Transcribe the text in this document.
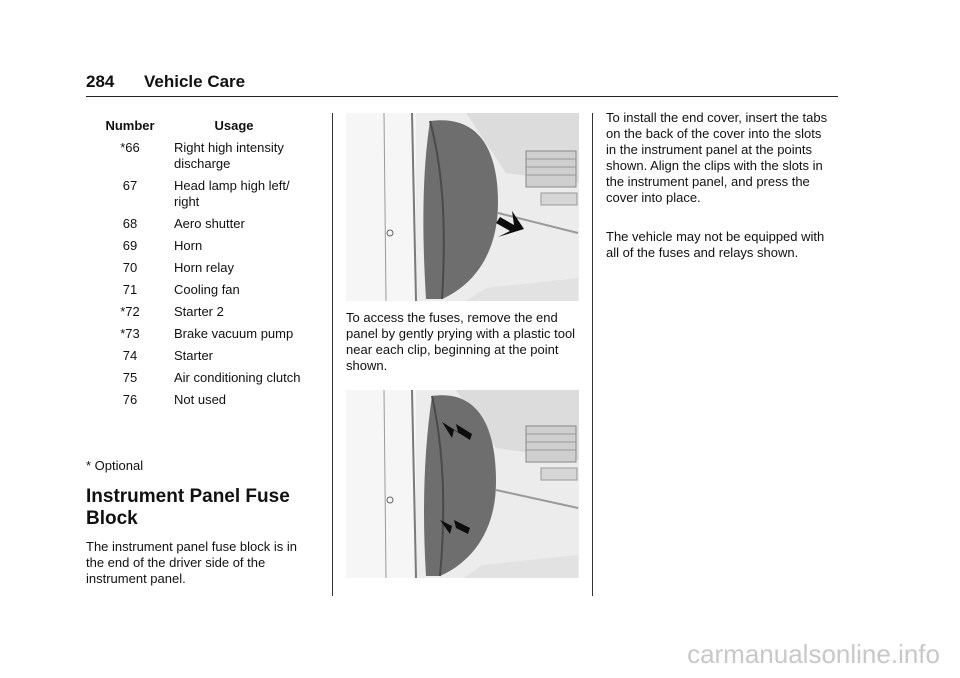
284 Vehicle Care
Number	Usage
*66	Right high intensity discharge
67	Head lamp high left/ right
68	Aero shutter
69	Horn
70	Horn relay
71	Cooling fan
*72	Starter 2
*73	Brake vacuum pump
74	Starter
75	Air conditioning clutch
76	Not used
* Optional
Instrument Panel Fuse Block
The instrument panel fuse block is in the end of the driver side of the instrument panel.
To access the fuses, remove the end panel by gently prying with a plastic tool near each clip, beginning at the point shown.
To install the end cover, insert the tabs on the back of the cover into the slots in the instrument panel at the points shown. Align the clips with the slots in the instrument panel, and press the cover into place.
The vehicle may not be equipped with all of the fuses and relays shown.
carmanualsonline.info
